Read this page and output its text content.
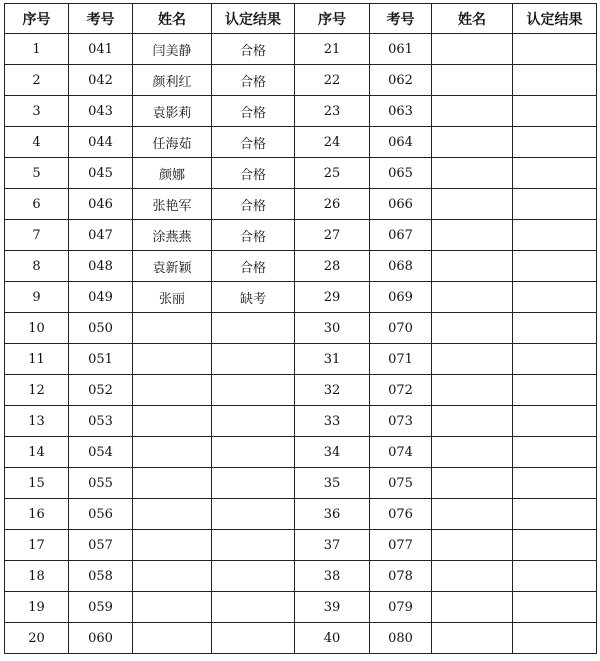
序号	考号	姓名	认定结果	序号	考号	姓名	认定结果
1	041	闫美静	合格	21	061		
2	042	颜利红	合格	22	062		
3	043	袁影莉	合格	23	063		
4	044	任海茹	合格	24	064		
5	045	颜娜	合格	25	065		
6	046	张艳军	合格	26	066		
7	047	涂燕燕	合格	27	067		
8	048	袁新颖	合格	28	068		
9	049	张丽	缺考	29	069		
10	050			30	070		
11	051			31	071		
12	052			32	072		
13	053			33	073		
14	054			34	074		
15	055			35	075		
16	056			36	076		
17	057			37	077		
18	058			38	078		
19	059			39	079		
20	060			40	080		
